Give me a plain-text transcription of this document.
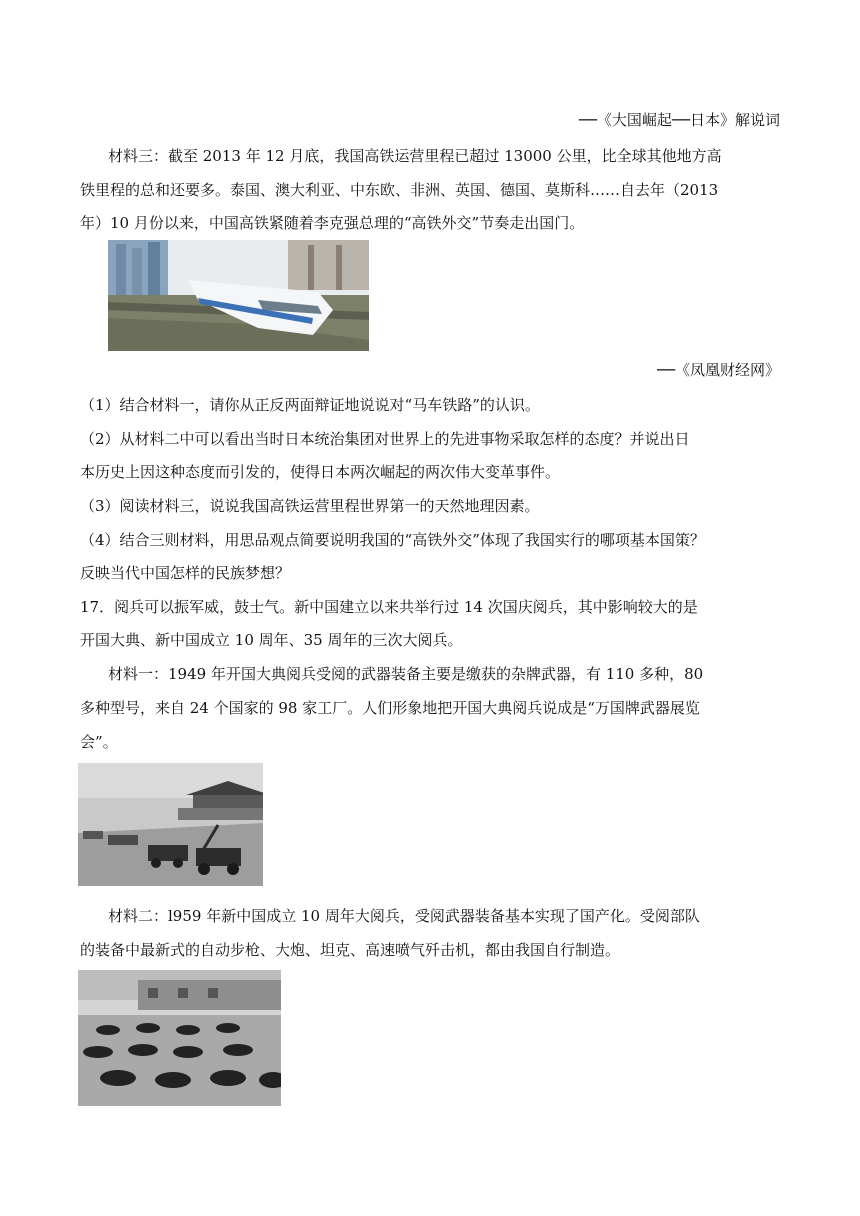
──《大国崛起──日本》解说词
材料三：截至 2013 年 12 月底，我国高铁运营里程已超过 13000 公里，比全球其他地方高
铁里程的总和还要多。泰国、澳大利亚、中东欧、非洲、英国、德国、莫斯科……自去年（2013
年）10 月份以来，中国高铁紧随着李克强总理的“高铁外交”节奏走出国门。
──《凤凰财经网》
（1）结合材料一，请你从正反两面辩证地说说对“马车铁路”的认识。
（2）从材料二中可以看出当时日本统治集团对世界上的先进事物采取怎样的态度？并说出日
本历史上因这种态度而引发的，使得日本两次崛起的两次伟大变革事件。
（3）阅读材料三，说说我国高铁运营里程世界第一的天然地理因素。
（4）结合三则材料，用思品观点简要说明我国的“高铁外交”体现了我国实行的哪项基本国策？
反映当代中国怎样的民族梦想？
17．阅兵可以振军威，鼓士气。新中国建立以来共举行过 14 次国庆阅兵，其中影响较大的是
开国大典、新中国成立 10 周年、35 周年的三次大阅兵。
材料一：1949 年开国大典阅兵受阅的武器装备主要是缴获的杂牌武器，有 110 多种，80
多种型号，来自 24 个国家的 98 家工厂。人们形象地把开国大典阅兵说成是“万国牌武器展览
会”。
材料二：l959 年新中国成立 10 周年大阅兵，受阅武器装备基本实现了国产化。受阅部队
的装备中最新式的自动步枪、大炮、坦克、高速喷气歼击机，都由我国自行制造。
